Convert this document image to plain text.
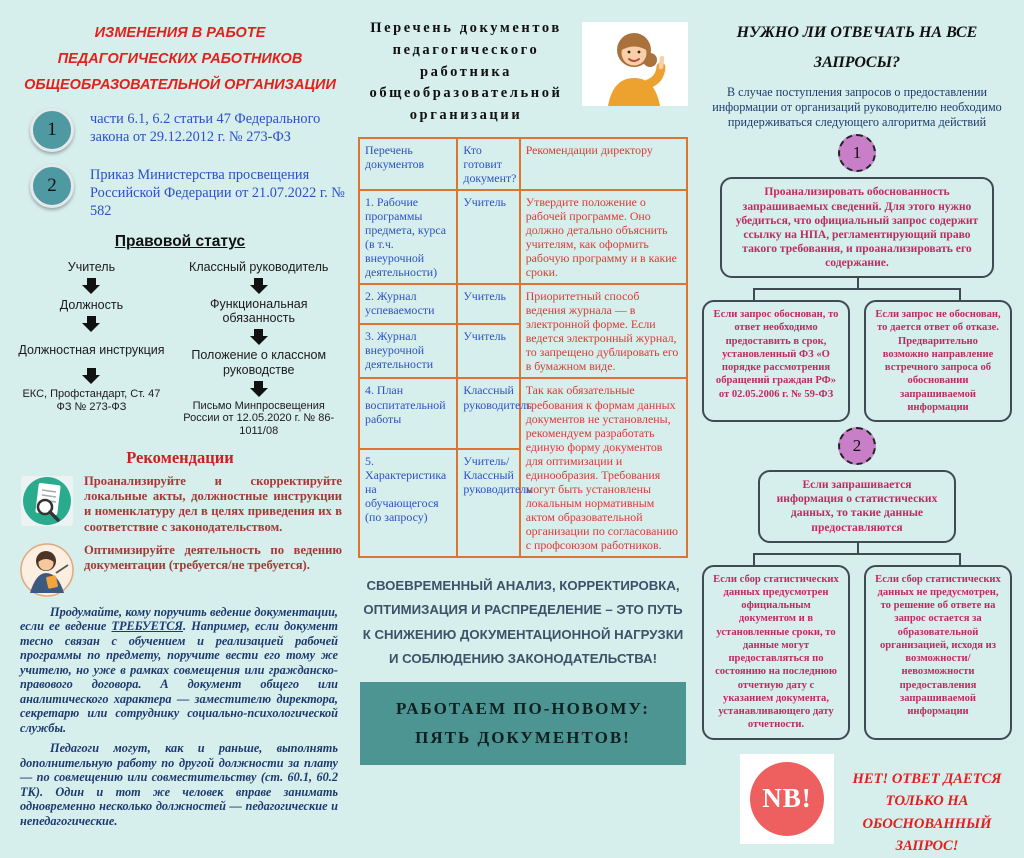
ИЗМЕНЕНИЯ В РАБОТЕ
ПЕДАГОГИЧЕСКИХ РАБОТНИКОВ
ОБЩЕОБРАЗОВАТЕЛЬНОЙ ОРГАНИЗАЦИИ
1	части 6.1, 6.2 статьи 47 Федерального закона от 29.12.2012 г. № 273-ФЗ
2	Приказ Министерства просвещения Российской Федерации от 21.07.2022 г. № 582
Правовой статус
Учитель
Должность
Должностная инструкция
ЕКС, Профстандарт, Ст. 47 ФЗ № 273-ФЗ
Классный руководитель
Функциональная обязанность
Положение о классном руководстве
Письмо Минпросвещения России от 12.05.2020 г. № 86-1011/08
Рекомендации
Проанализируйте и скорректируйте локальные акты, должностные инструкции и номенклатуру дел в целях приведения их в соответствие с законодательством.
Оптимизируйте деятельность по ведению документации (требуется/не требуется).
Продумайте, кому поручить ведение документации, если ее ведение ТРЕБУЕТСЯ. Например, если документ тесно связан с обучением и реализацией рабочей программы по предмету, поручите вести его тому же учителю, но уже в рамках совмещения или гражданско-правового договора. А документ общего или аналитического характера — заместителю директора, секретарю или сотруднику социально-психологической службы.
Педагоги могут, как и раньше, выполнять дополнительную работу по другой должности за плату — по совмещению или совместительству (ст. 60.1, 60.2 ТК). Один и тот же человек вправе занимать одновременно несколько должностей — педагогические и непедагогические.
Перечень документов педагогического работника общеобразовательной организации
Перечень документов	Кто готовит документ?	Рекомендации директору
1. Рабочие программы предмета, курса (в т.ч. внеурочной деятельности)	Учитель	Утвердите положение о рабочей программе. Оно должно детально объяснить учителям, как оформить рабочую программу и в какие сроки.
2. Журнал успеваемости	Учитель	Приоритетный способ ведения журнала — в электронной форме. Если ведется электронный журнал, то запрещено дублировать его в бумажном виде.
3. Журнал внеурочной деятельности	Учитель	
4. План воспитательной работы	Классный руководитель	Так как обязательные требования к формам данных документов не установлены, рекомендуем разработать единую форму документов для оптимизации и единообразия. Требования могут быть установлены локальным нормативным актом образовательной организации по согласованию с профсоюзом работников.
5. Характеристика на обучающегося (по запросу)	Учитель/ Классный руководитель	
СВОЕВРЕМЕННЫЙ АНАЛИЗ, КОРРЕКТИРОВКА, ОПТИМИЗАЦИЯ И РАСПРЕДЕЛЕНИЕ – ЭТО ПУТЬ К СНИЖЕНИЮ ДОКУМЕНТАЦИОННОЙ НАГРУЗКИ И СОБЛЮДЕНИЮ ЗАКОНОДАТЕЛЬСТВА!
РАБОТАЕМ ПО-НОВОМУ: ПЯТЬ ДОКУМЕНТОВ!
НУЖНО ЛИ ОТВЕЧАТЬ НА ВСЕ ЗАПРОСЫ?
В случае поступления запросов о предоставлении информации от организаций руководителю необходимо придерживаться следующего алгоритма действий
1
Проанализировать обоснованность запрашиваемых сведений. Для этого нужно убедиться, что официальный запрос содержит ссылку на НПА, регламентирующий право такого требования, и проанализировать его содержание.
Если запрос обоснован, то ответ необходимо предоставить в срок, установленный ФЗ «О порядке рассмотрения обращений граждан РФ» от 02.05.2006 г. № 59-ФЗ
Если запрос не обоснован, то дается ответ об отказе. Предварительно возможно направление встречного запроса об обосновании запрашиваемой информации
2
Если запрашивается информация о статистических данных, то такие данные предоставляются
Если сбор статистических данных предусмотрен официальным документом и в установленные сроки, то данные могут предоставляться по состоянию на последнюю отчетную дату с указанием документа, устанавливающего дату отчетности.
Если сбор статистических данных не предусмотрен, то решение об ответе на запрос остается за образовательной организацией, исходя из возможности/невозможности предоставления запрашиваемой информации
NB!
НЕТ! ОТВЕТ ДАЕТСЯ ТОЛЬКО НА ОБОСНОВАННЫЙ ЗАПРОС!
